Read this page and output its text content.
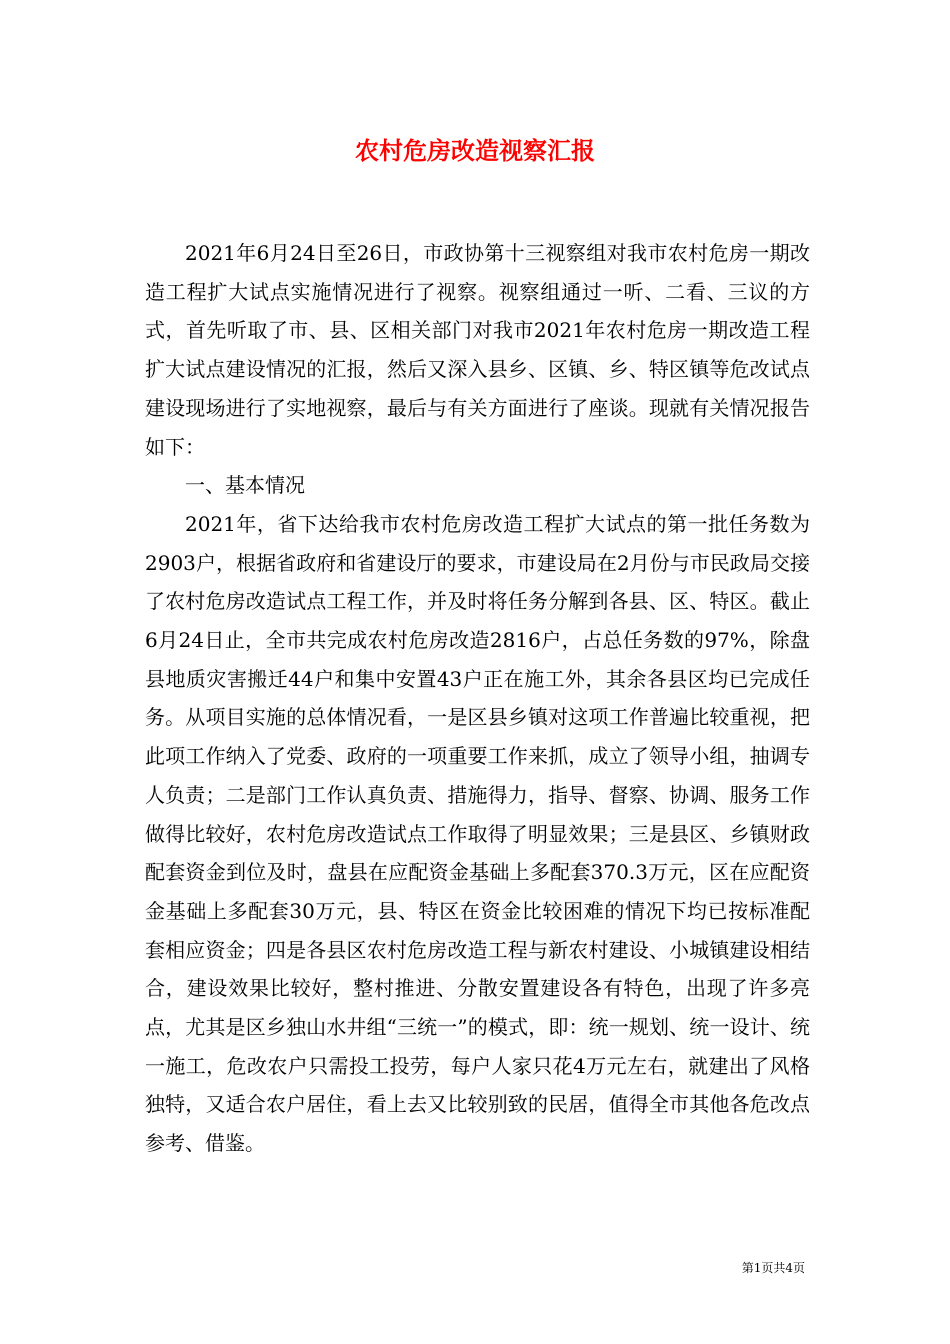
农村危房改造视察汇报

2021年6月24日至26日，市政协第十三视察组对我市农村危房一期改造工程扩大试点实施情况进行了视察。视察组通过一听、二看、三议的方式，首先听取了市、县、区相关部门对我市2021年农村危房一期改造工程扩大试点建设情况的汇报，然后又深入县乡、区镇、乡、特区镇等危改试点建设现场进行了实地视察，最后与有关方面进行了座谈。现就有关情况报告如下：

一、基本情况

2021年，省下达给我市农村危房改造工程扩大试点的第一批任务数为2903户，根据省政府和省建设厅的要求，市建设局在2月份与市民政局交接了农村危房改造试点工程工作，并及时将任务分解到各县、区、特区。截止6月24日止，全市共完成农村危房改造2816户，占总任务数的97%，除盘县地质灾害搬迁44户和集中安置43户正在施工外，其余各县区均已完成任务。从项目实施的总体情况看，一是区县乡镇对这项工作普遍比较重视，把此项工作纳入了党委、政府的一项重要工作来抓，成立了领导小组，抽调专人负责；二是部门工作认真负责、措施得力，指导、督察、协调、服务工作做得比较好，农村危房改造试点工作取得了明显效果；三是县区、乡镇财政配套资金到位及时，盘县在应配资金基础上多配套370.3万元，区在应配资金基础上多配套30万元，县、特区在资金比较困难的情况下均已按标准配套相应资金；四是各县区农村危房改造工程与新农村建设、小城镇建设相结合，建设效果比较好，整村推进、分散安置建设各有特色，出现了许多亮点，尤其是区乡独山水井组“三统一”的模式，即：统一规划、统一设计、统一施工，危改农户只需投工投劳，每户人家只花4万元左右，就建出了风格独特，又适合农户居住，看上去又比较别致的民居，值得全市其他各危改点参考、借鉴。

第1页共4页
